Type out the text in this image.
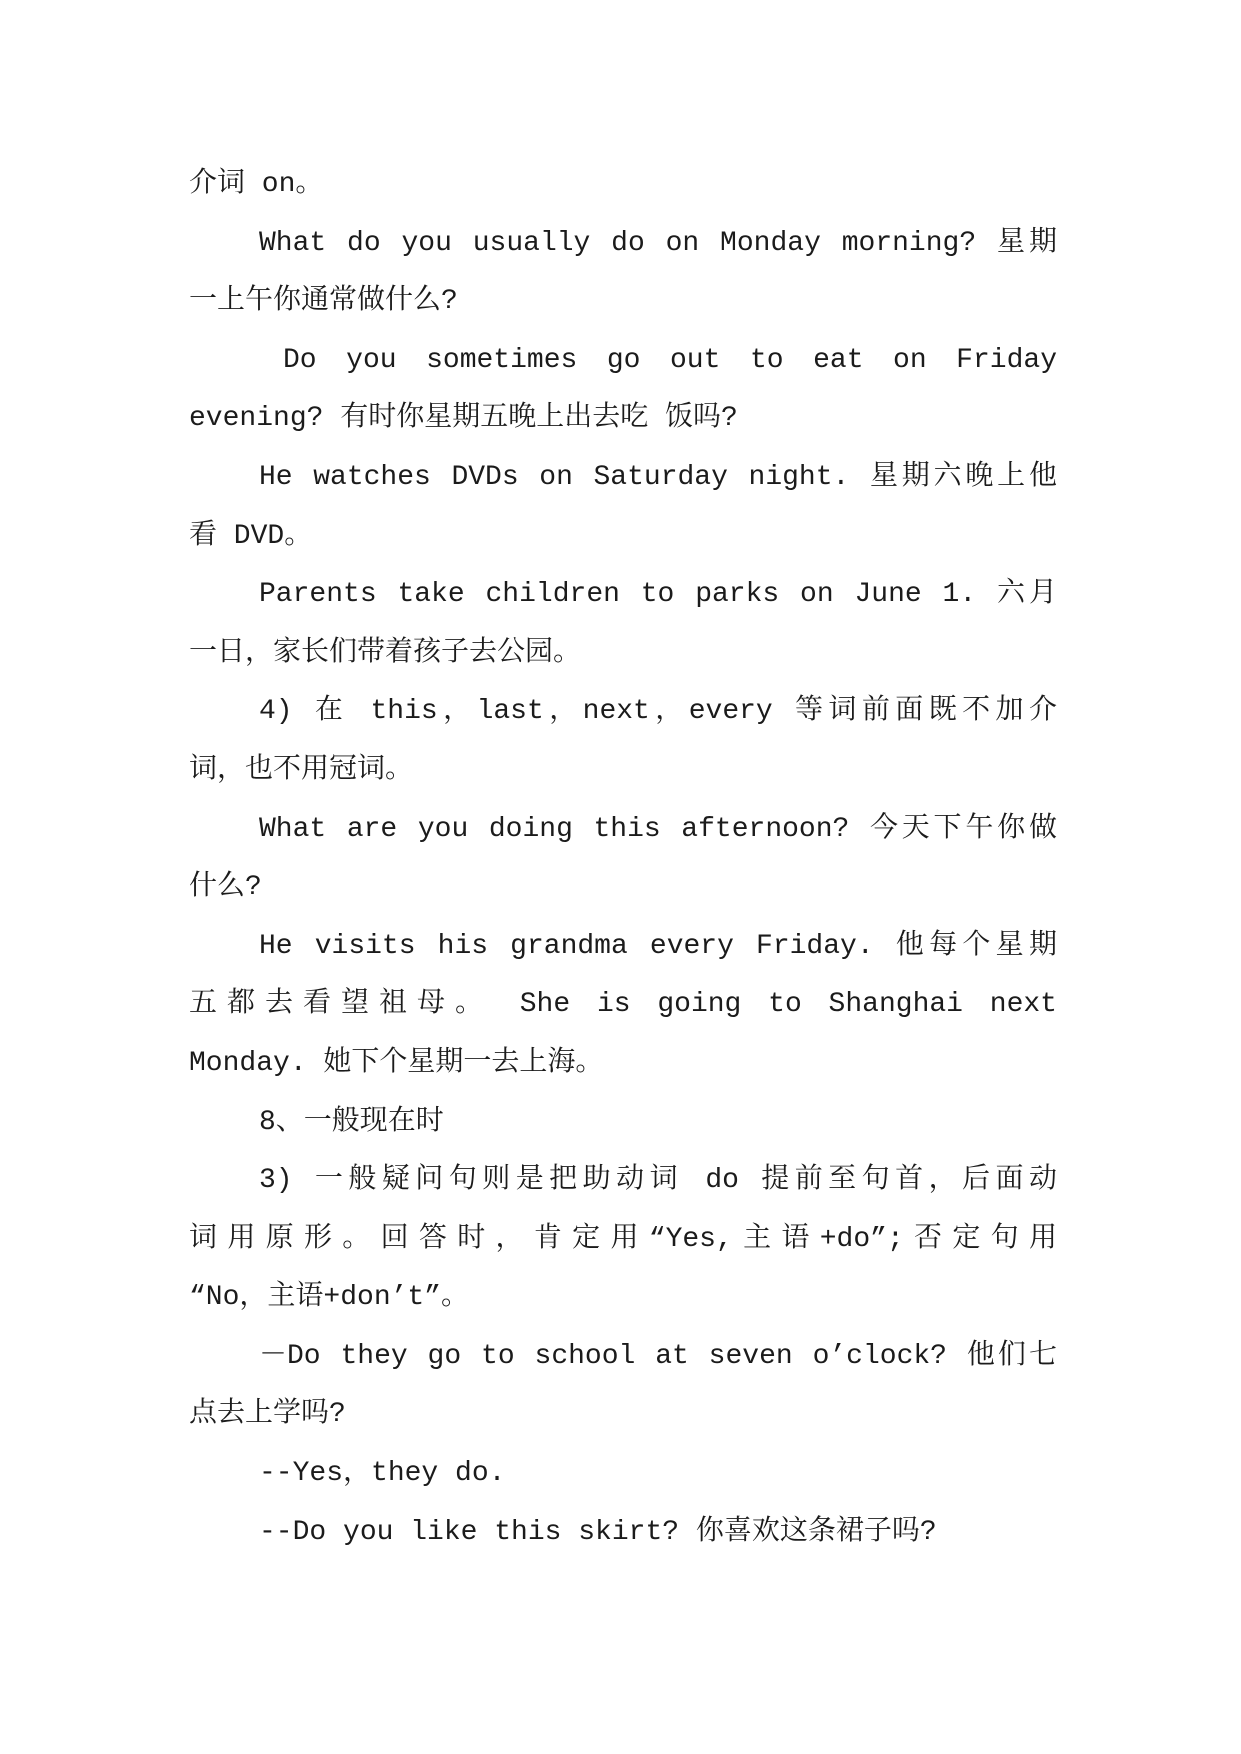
介词 on。
What do you usually do on Monday morning? 星期
一上午你通常做什么?
Do you sometimes go out to eat on Friday
evening? 有时你星期五晚上出去吃 饭吗?
He watches DVDs on Saturday night. 星期六晚上他
看 DVD。
Parents take children to parks on June 1. 六月
一日，家长们带着孩子去公园。
4) 在 this，last，next，every 等词前面既不加介
词，也不用冠词。
What are you doing this afternoon? 今天下午你做
什么?
He visits his grandma every Friday. 他每个星期
五都去看望祖母。 She is going to Shanghai next
Monday. 她下个星期一去上海。
8、一般现在时
3) 一般疑问句则是把助动词 do 提前至句首，后面动
词用原形。回答时，肯定用“Yes,主语+do”;否定句用
“No，主语+don’t”。
－Do they go to school at seven o’clock? 他们七
点去上学吗?
--Yes，they do.
--Do you like this skirt? 你喜欢这条裙子吗?
